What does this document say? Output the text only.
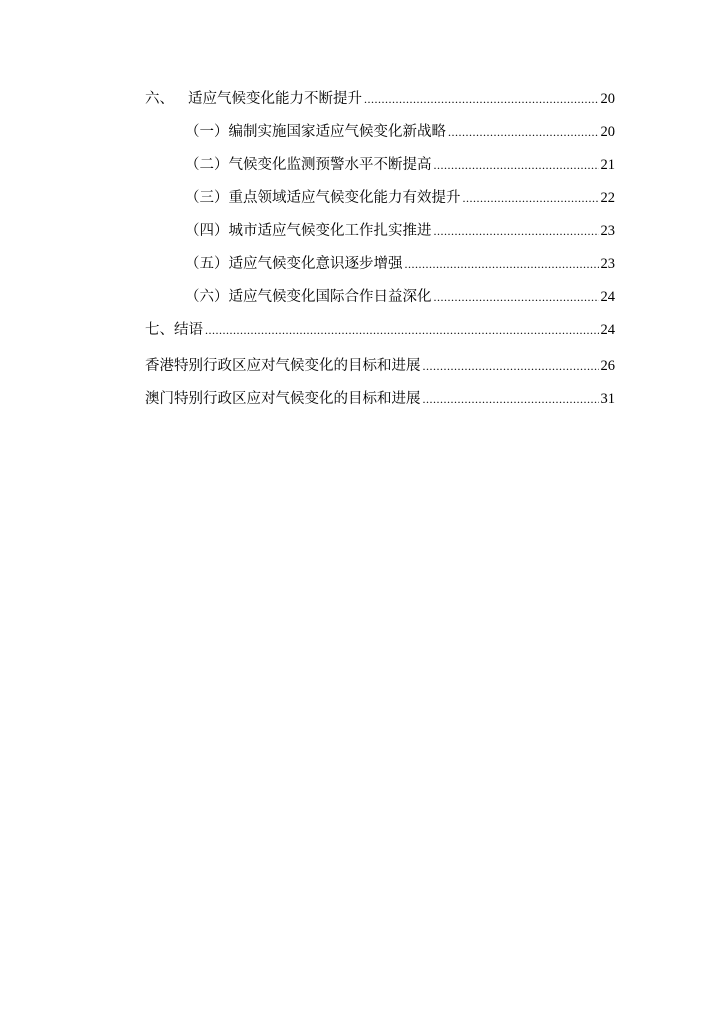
六、 适应气候变化能力不断提升 .....	20
（一）编制实施国家适应气候变化新战略 .....	20
（二）气候变化监测预警水平不断提高 .....	21
（三）重点领域适应气候变化能力有效提升 .....	22
（四）城市适应气候变化工作扎实推进 .....	23
（五）适应气候变化意识逐步增强 .....	23
（六）适应气候变化国际合作日益深化 .....	24
七、结语 .....	24
香港特别行政区应对气候变化的目标和进展 .....	26
澳门特别行政区应对气候变化的目标和进展 .....	31
